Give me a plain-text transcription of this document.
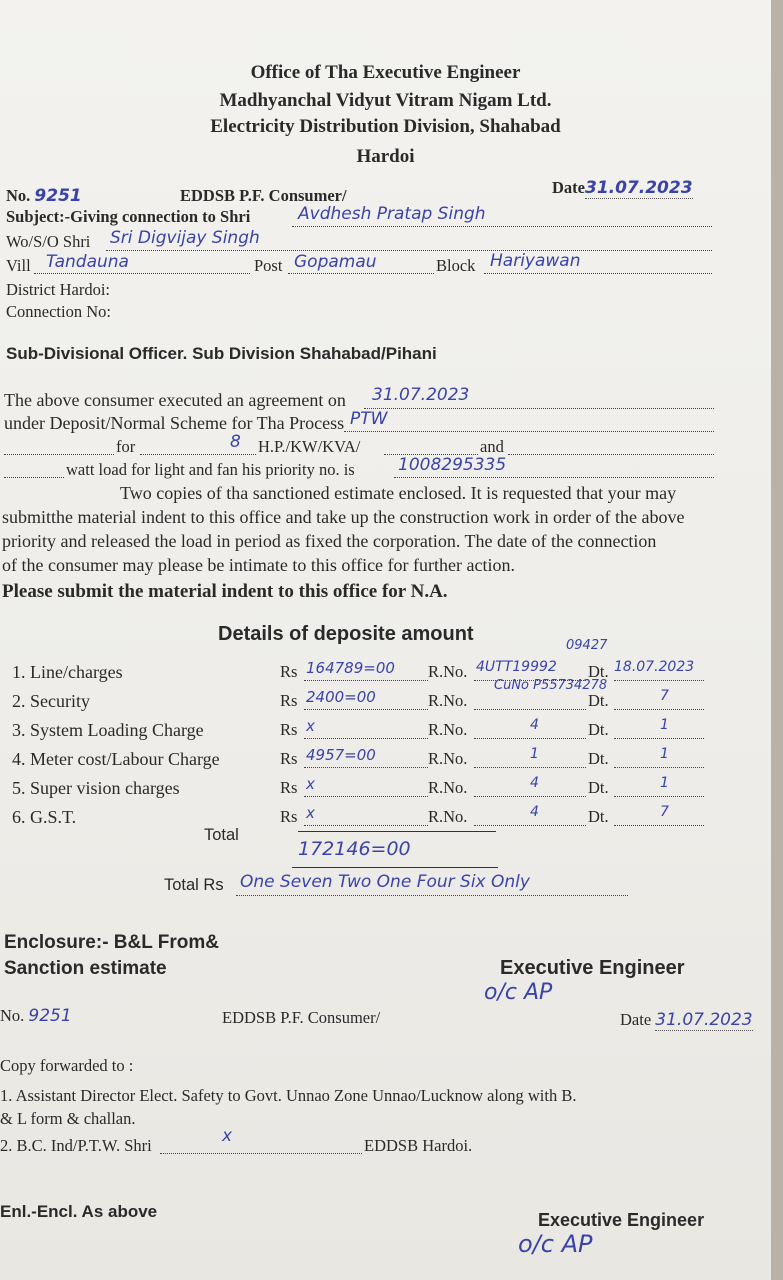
Office of Tha Executive Engineer
Madhyanchal Vidyut Vitram Nigam Ltd.
Electricity Distribution Division, Shahabad
Hardoi
No. 9251	EDDSB P.F. Consumer/	Date31.07.2023
Subject:-Giving connection to Shri	Avdhesh Pratap Singh
Wo/S/O Shri Sri Digvijay Singh
Vill Tandauna	Post Gopamau	Block Hariyawan
District Hardoi:
Connection No:
Sub-Divisional Officer. Sub Division Shahabad/Pihani
The above consumer executed an agreement on 31.07.2023
under Deposit/Normal Scheme for Tha Process PTW
for	8 H.P./KW/KVA/	and
watt load for light and fan his priority no. is	1008295335
Two copies of tha sanctioned estimate enclosed. It is requested that your may
submitthe material indent to this office and take up the construction work in order of the above
priority and released the load in period as fixed the corporation. The date of the connection
of the consumer may please be intimate to this office for further action.
Please submit the material indent to this office for N.A.
Details of deposite amount
09427
CuNo P55734278
1. Line/charges	Rs 164789=00 R.No. 4UTT19992 Dt. 18.07.2023
2. Security	Rs 2400=00	R.No.	Dt.	7
3. System Loading Charge	Rs x	R.No.	4	Dt.	1
4. Meter cost/Labour Charge	Rs 4957=00	R.No.	1	Dt.	1
5. Super vision charges	Rs x	R.No.	4	Dt.	1
6. G.S.T.	Rs x	R.No.	4	Dt.	7
Total
172146=00
Total Rs One Seven Two One Four Six Only
Enclosure:- B&L From&
Sanction estimate	Executive Engineer
o/c AP
No. 9251	EDDSB P.F. Consumer/	Date 31.07.2023
Copy forwarded to :
1. Assistant Director Elect. Safety to Govt. Unnao Zone Unnao/Lucknow along with B.
& L form & challan.
2. B.C. Ind/P.T.W. Shri	x	EDDSB Hardoi.
Enl.-Encl. As above	Executive Engineer
o/c AP
